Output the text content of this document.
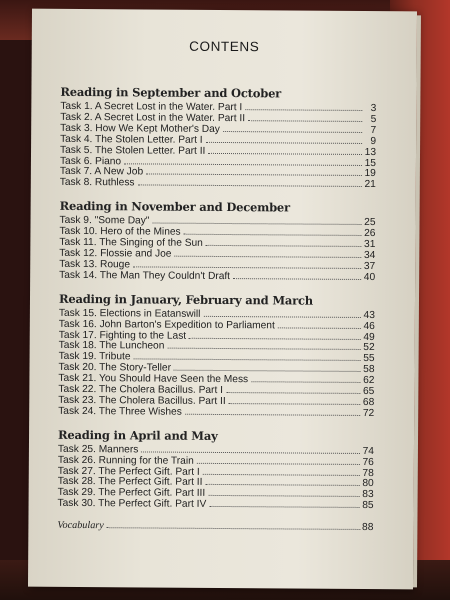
CONTENS
Reading in September and October
Task 1. A Secret Lost in the Water. Part I	3
Task 2. A Secret Lost in the Water. Part II	5
Task 3. How We Kept Mother's Day	7
Task 4. The Stolen Letter. Part I	9
Task 5. The Stolen Letter. Part II	13
Task 6. Piano	15
Task 7. A New Job	19
Task 8. Ruthless	21
Reading in November and December
Task 9. "Some Day"	25
Task 10. Hero of the Mines	26
Task 11. The Singing of the Sun	31
Task 12. Flossie and Joe	34
Task 13. Rouge	37
Task 14. The Man They Couldn't Draft	40
Reading in January, February and March
Task 15. Elections in Eatanswill	43
Task 16. John Barton's Expedition to Parliament	46
Task 17. Fighting to the Last	49
Task 18. The Luncheon	52
Task 19. Tribute	55
Task 20. The Story-Teller	58
Task 21. You Should Have Seen the Mess	62
Task 22. The Cholera Bacillus. Part I	65
Task 23. The Cholera Bacillus. Part II	68
Task 24. The Three Wishes	72
Reading in April and May
Task 25. Manners	74
Task 26. Running for the Train	76
Task 27. The Perfect Gift. Part I	78
Task 28. The Perfect Gift. Part II	80
Task 29. The Perfect Gift. Part III	83
Task 30. The Perfect Gift. Part IV	85
Vocabulary	88
